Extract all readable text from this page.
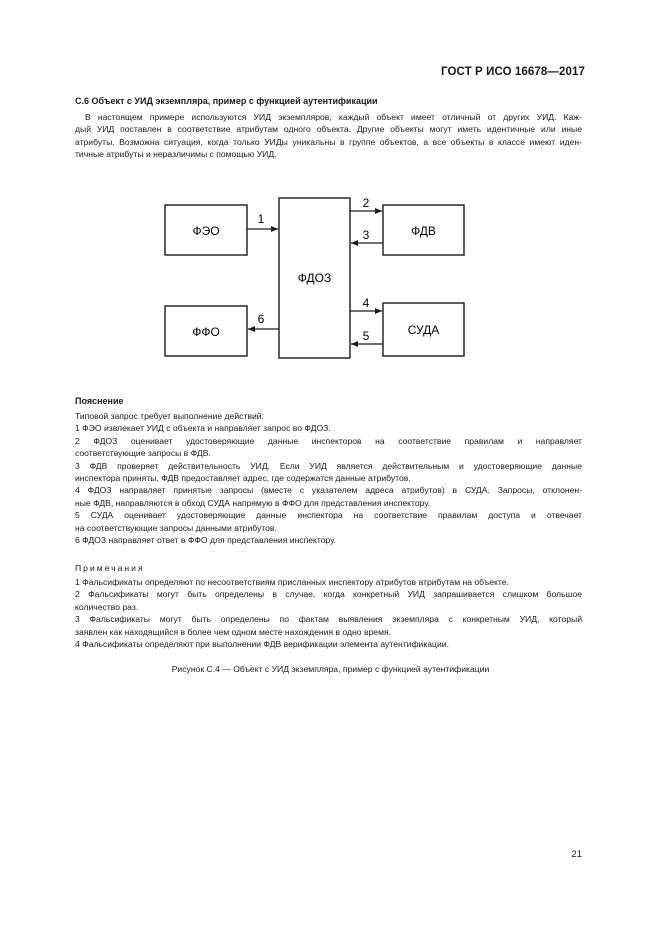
ГОСТ Р ИСО 16678—2017
С.6 Объект с УИД экземпляра, пример с функцией аутентификации

В настоящем примере используются УИД экземпляров, каждый объект имеет отличный от других УИД. Каж-

дый УИД поставлен в соответствие атрибутам одного объекта. Другие объекты могут иметь идентичные или иные

атрибуты. Возможна ситуация, когда только УИДы уникальны в группе объектов, а все объекты в классе имеют иден-

тичные атрибуты и неразличимы с помощью УИД.

ФЭО
ФФО
ФДОЗ
ФДВ
СУДА
1
2
3
4
5
6
Пояснение

Типовой запрос требует выполнение действий:

1 ФЭО извлекает УИД с объекта и направляет запрос во ФДОЗ.

2 ФДОЗ оценивает удостоверяющие данные инспекторов на соответствие правилам и направляет

соответствующие запросы в ФДВ.

3 ФДВ проверяет действительность УИД. Если УИД является действительным и удостоверяющие данные

инспектора приняты, ФДВ предоставляет адрес, где содержатся данные атрибутов.

4 ФДОЗ направляет принятые запросы (вместе с указателем адреса атрибутов) в СУДА. Запросы, отклонен-

ные ФДВ, направляются в обход СУДА напрямую в ФФО для представления инспектору.

5 СУДА оценивает удостоверяющие данные инспектора на соответствие правилам доступа и отвечает

на соответствующие запросы данными атрибутов.

6 ФДОЗ направляет ответ в ФФО для представления инспектору.

Примечания

1 Фальсификаты определяют по несоответствиям присланных инспектору атрибутов атрибутам на объекте.

2 Фальсификаты могут быть определены в случае, когда конкретный УИД запрашивается слишком большое

количество раз.

3 Фальсификаты могут быть определены по фактам выявления экземпляра с конкретным УИД, который

заявлен как находящийся в более чем одном месте нахождения в одно время.

4 Фальсификаты определяют при выполнении ФДВ верификации элемента аутентификации.

Рисунок С.4 — Объект с УИД экземпляра, пример с функцией аутентификации
21
